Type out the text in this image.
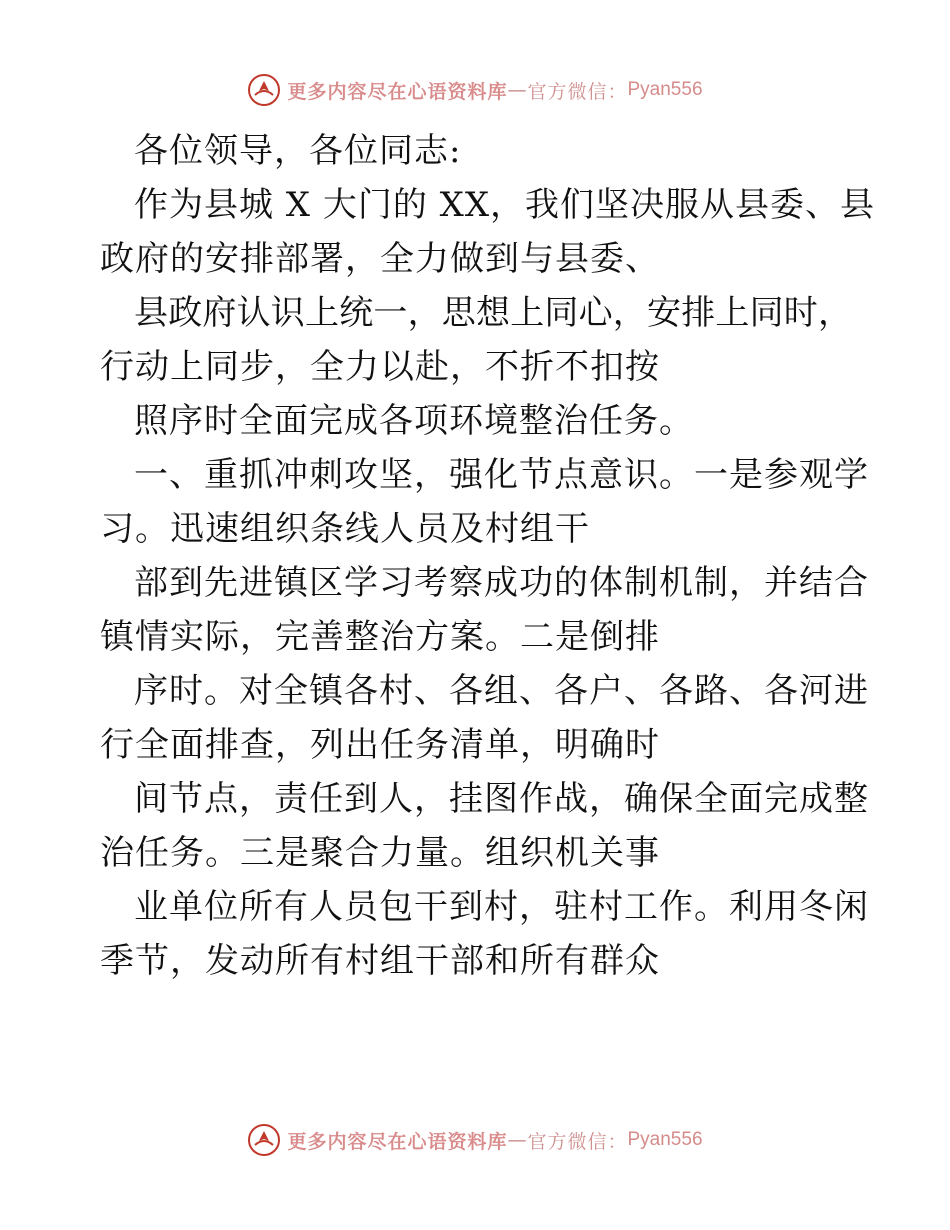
更多内容尽在心语资料库 — 官方微信： Pyan556
各位领导，各位同志:
作为县城 X 大门的 XX，我们坚决服从县委、县
政府的安排部署，全力做到与县委、
县政府认识上统一，思想上同心，安排上同时，
行动上同步，全力以赴，不折不扣按
照序时全面完成各项环境整治任务。
一、重抓冲刺攻坚，强化节点意识。一是参观学
习。迅速组织条线人员及村组干
部到先进镇区学习考察成功的体制机制，并结合
镇情实际，完善整治方案。二是倒排
序时。对全镇各村、各组、各户、各路、各河进
行全面排查，列出任务清单，明确时
间节点，责任到人，挂图作战，确保全面完成整
治任务。三是聚合力量。组织机关事
业单位所有人员包干到村，驻村工作。利用冬闲
季节，发动所有村组干部和所有群众
更多内容尽在心语资料库 — 官方微信： Pyan556
